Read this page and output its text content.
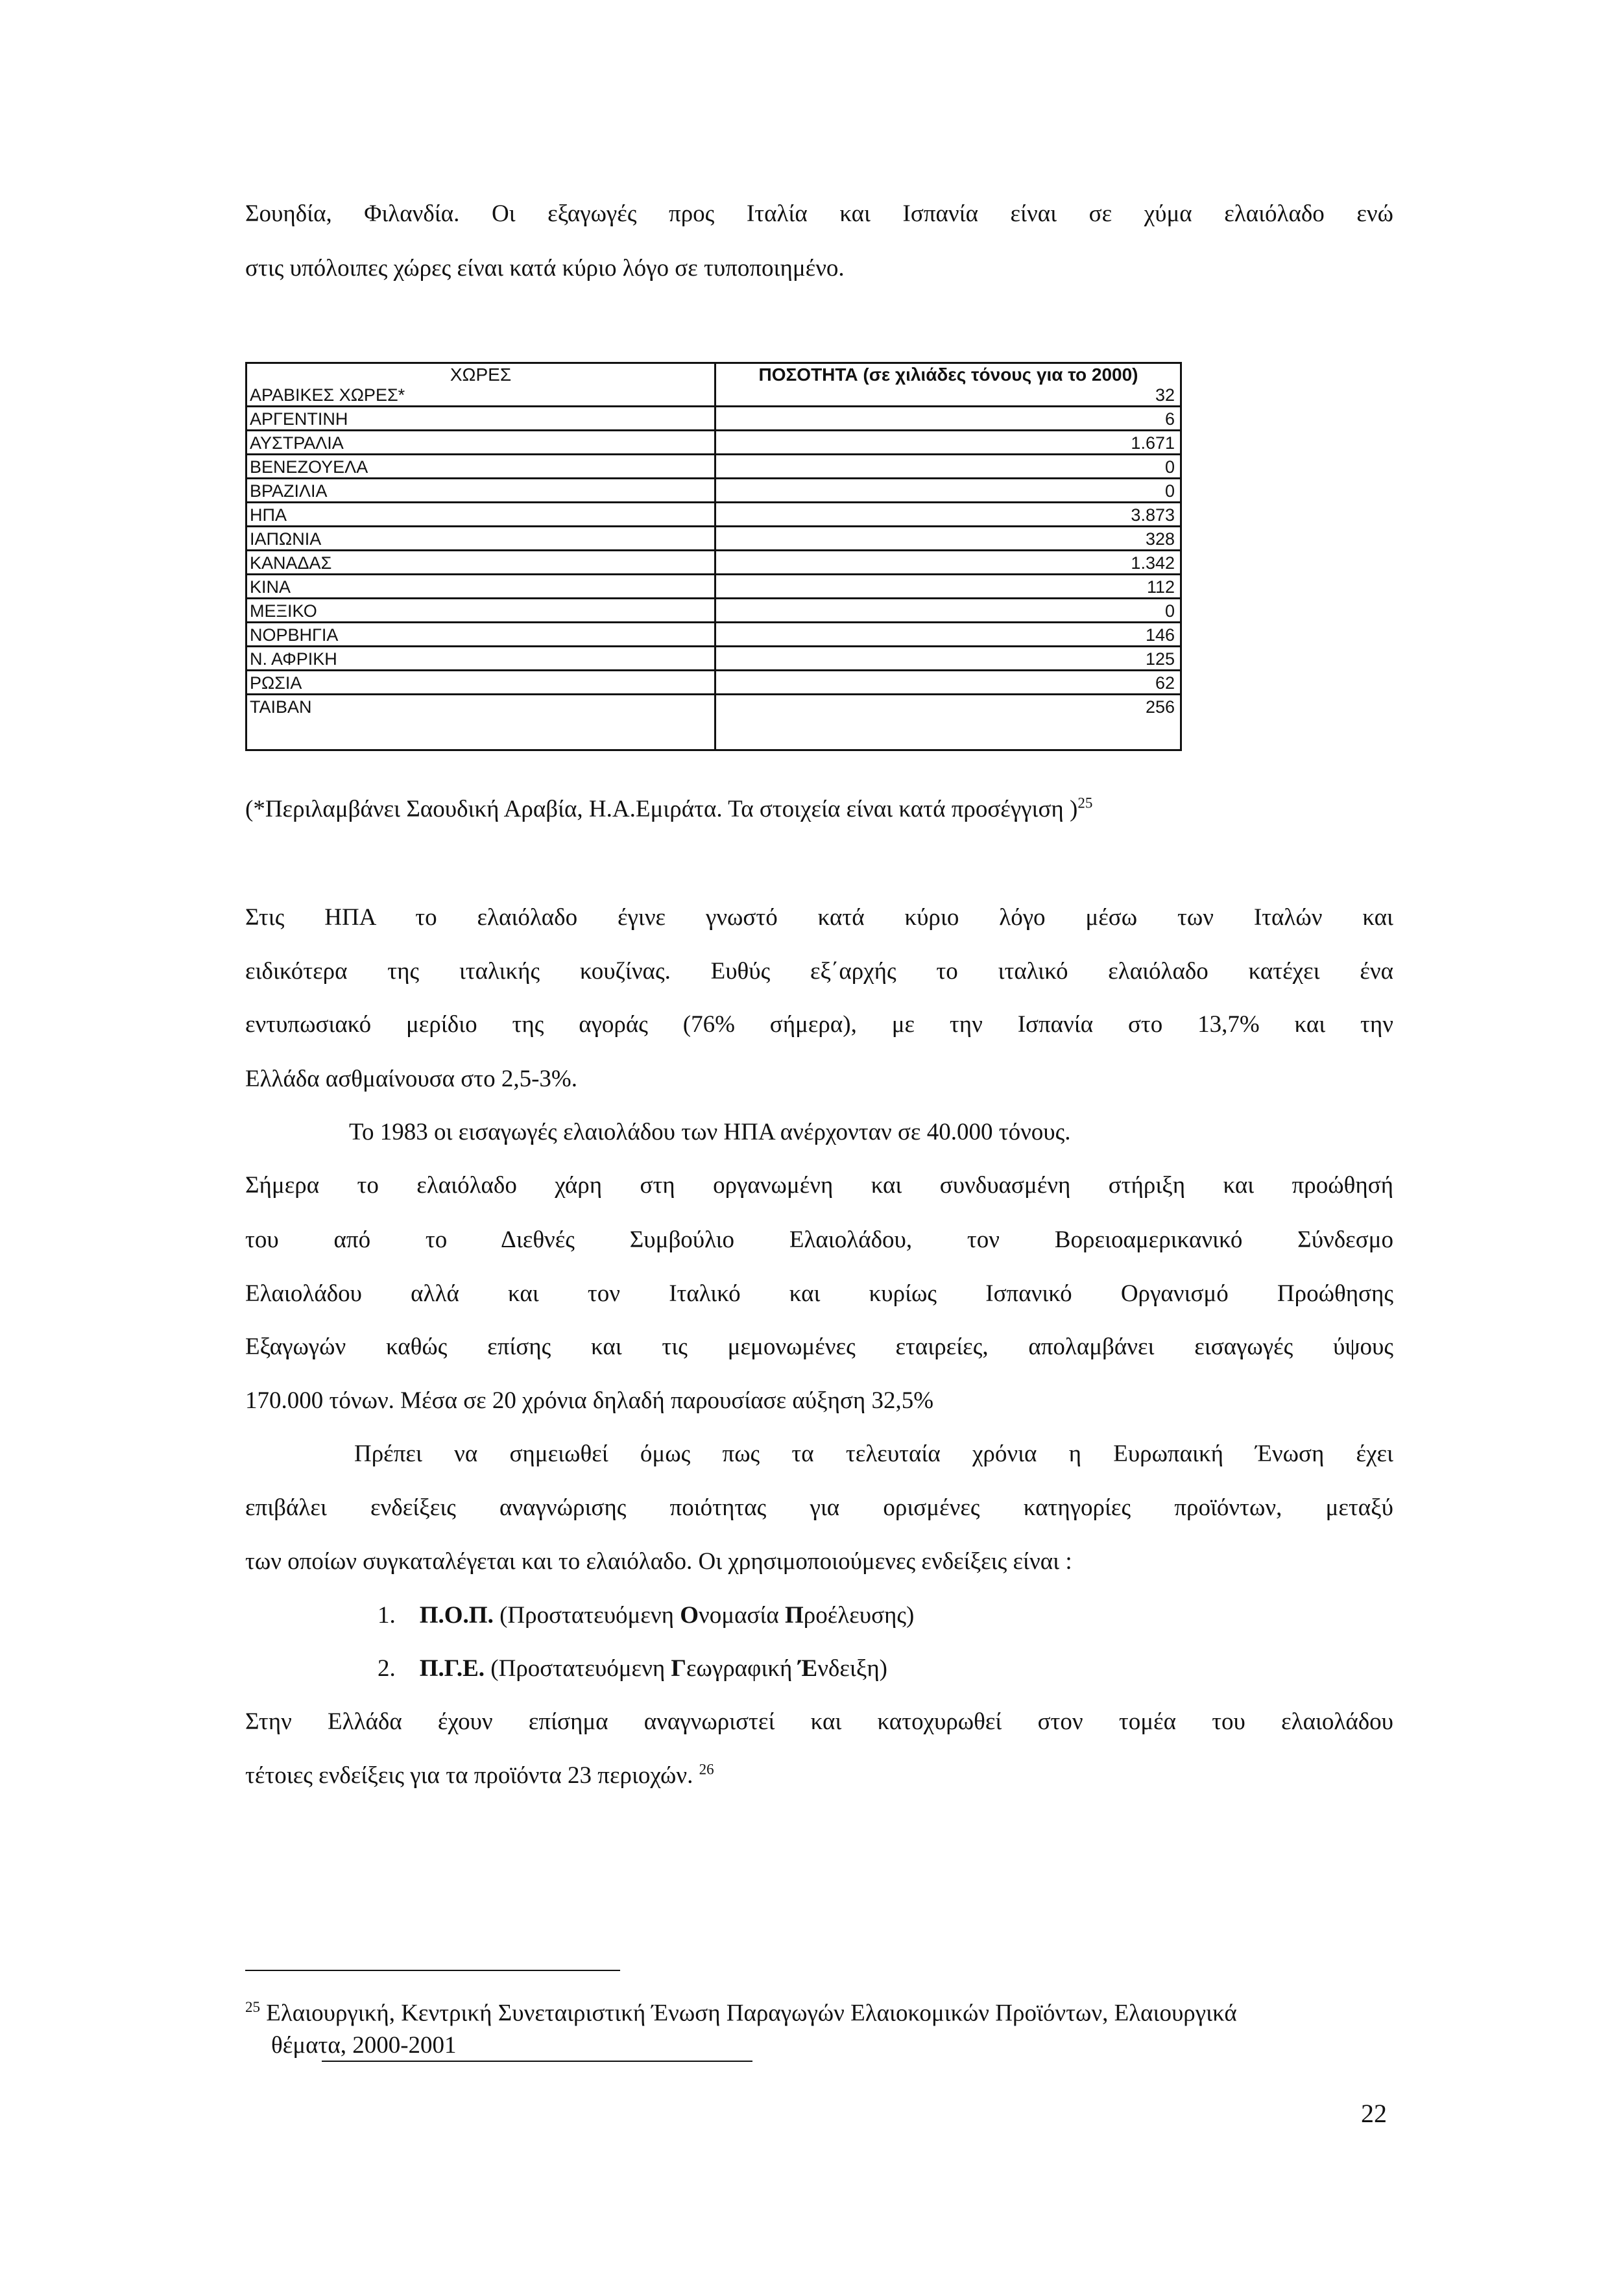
Σουηδία, Φιλανδία. Οι εξαγωγές προς Ιταλία και Ισπανία είναι σε χύμα ελαιόλαδο ενώ

στις υπόλοιπες χώρες είναι κατά κύριο λόγο σε τυποποιημένο.

ΧΩΡΕΣ	ΠΟΣΟΤΗΤΑ (σε χιλιάδες τόνους για το 2000)
ΑΡΑΒΙΚΕΣ ΧΩΡΕΣ*	32
ΑΡΓΕΝΤΙΝΗ	6
ΑΥΣΤΡΑΛΙΑ	1.671
ΒΕΝΕΖΟΥΕΛΑ	0
ΒΡΑΖΙΛΙΑ	0
ΗΠΑ	3.873
ΙΑΠΩΝΙΑ	328
ΚΑΝΑΔΑΣ	1.342
ΚΙΝΑ	112
ΜΕΞΙΚΟ	0
ΝΟΡΒΗΓΙΑ	146
Ν. ΑΦΡΙΚΗ	125
ΡΩΣΙΑ	62
ΤΑΙΒΑΝ	256

(*Περιλαμβάνει Σαουδική Αραβία, Η.Α.Εμιράτα. Τα στοιχεία είναι κατά προσέγγιση )$^{25}$

Στις ΗΠΑ το ελαιόλαδο έγινε γνωστό κατά κύριο λόγο μέσω των Ιταλών και

ειδικότερα της ιταλικής κουζίνας. Ευθύς εξ΄αρχής το ιταλικό ελαιόλαδο κατέχει ένα

εντυπωσιακό μερίδιο της αγοράς (76% σήμερα), με την Ισπανία στο 13,7% και την

Ελλάδα ασθμαίνουσα στο 2,5-3%.

Το 1983 οι εισαγωγές ελαιολάδου των ΗΠΑ ανέρχονταν σε 40.000 τόνους.

Σήμερα το ελαιόλαδο χάρη στη οργανωμένη και συνδυασμένη στήριξη και προώθησή

του από το Διεθνές Συμβούλιο Ελαιολάδου, τον Βορειοαμερικανικό Σύνδεσμο

Ελαιολάδου αλλά και τον Ιταλικό και κυρίως Ισπανικό Οργανισμό Προώθησης

Εξαγωγών καθώς επίσης και τις μεμονωμένες εταιρείες, απολαμβάνει εισαγωγές ύψους

170.000 τόνων. Μέσα σε 20 χρόνια δηλαδή παρουσίασε αύξηση 32,5%

Πρέπει να σημειωθεί όμως πως τα τελευταία χρόνια η Ευρωπαική Ένωση έχει

επιβάλει ενδείξεις αναγνώρισης ποιότητας για ορισμένες κατηγορίες προϊόντων, μεταξύ

των οποίων συγκαταλέγεται και το ελαιόλαδο. Οι χρησιμοποιούμενες ενδείξεις είναι :

1. Π.Ο.Π. (Προστατευόμενη Ονομασία Προέλευσης)

2. Π.Γ.Ε. (Προστατευόμενη Γεωγραφική Ένδειξη)

Στην Ελλάδα έχουν επίσημα αναγνωριστεί και κατοχυρωθεί στον τομέα του ελαιολάδου

τέτοιες ενδείξεις για τα προϊόντα 23 περιοχών. $^{26}$

$^{25}$ Ελαιουργική, Κεντρική Συνεταιριστική Ένωση Παραγωγών Ελαιοκομικών Προϊόντων, Ελαιουργικά
θέματα, 2000-2001
22
